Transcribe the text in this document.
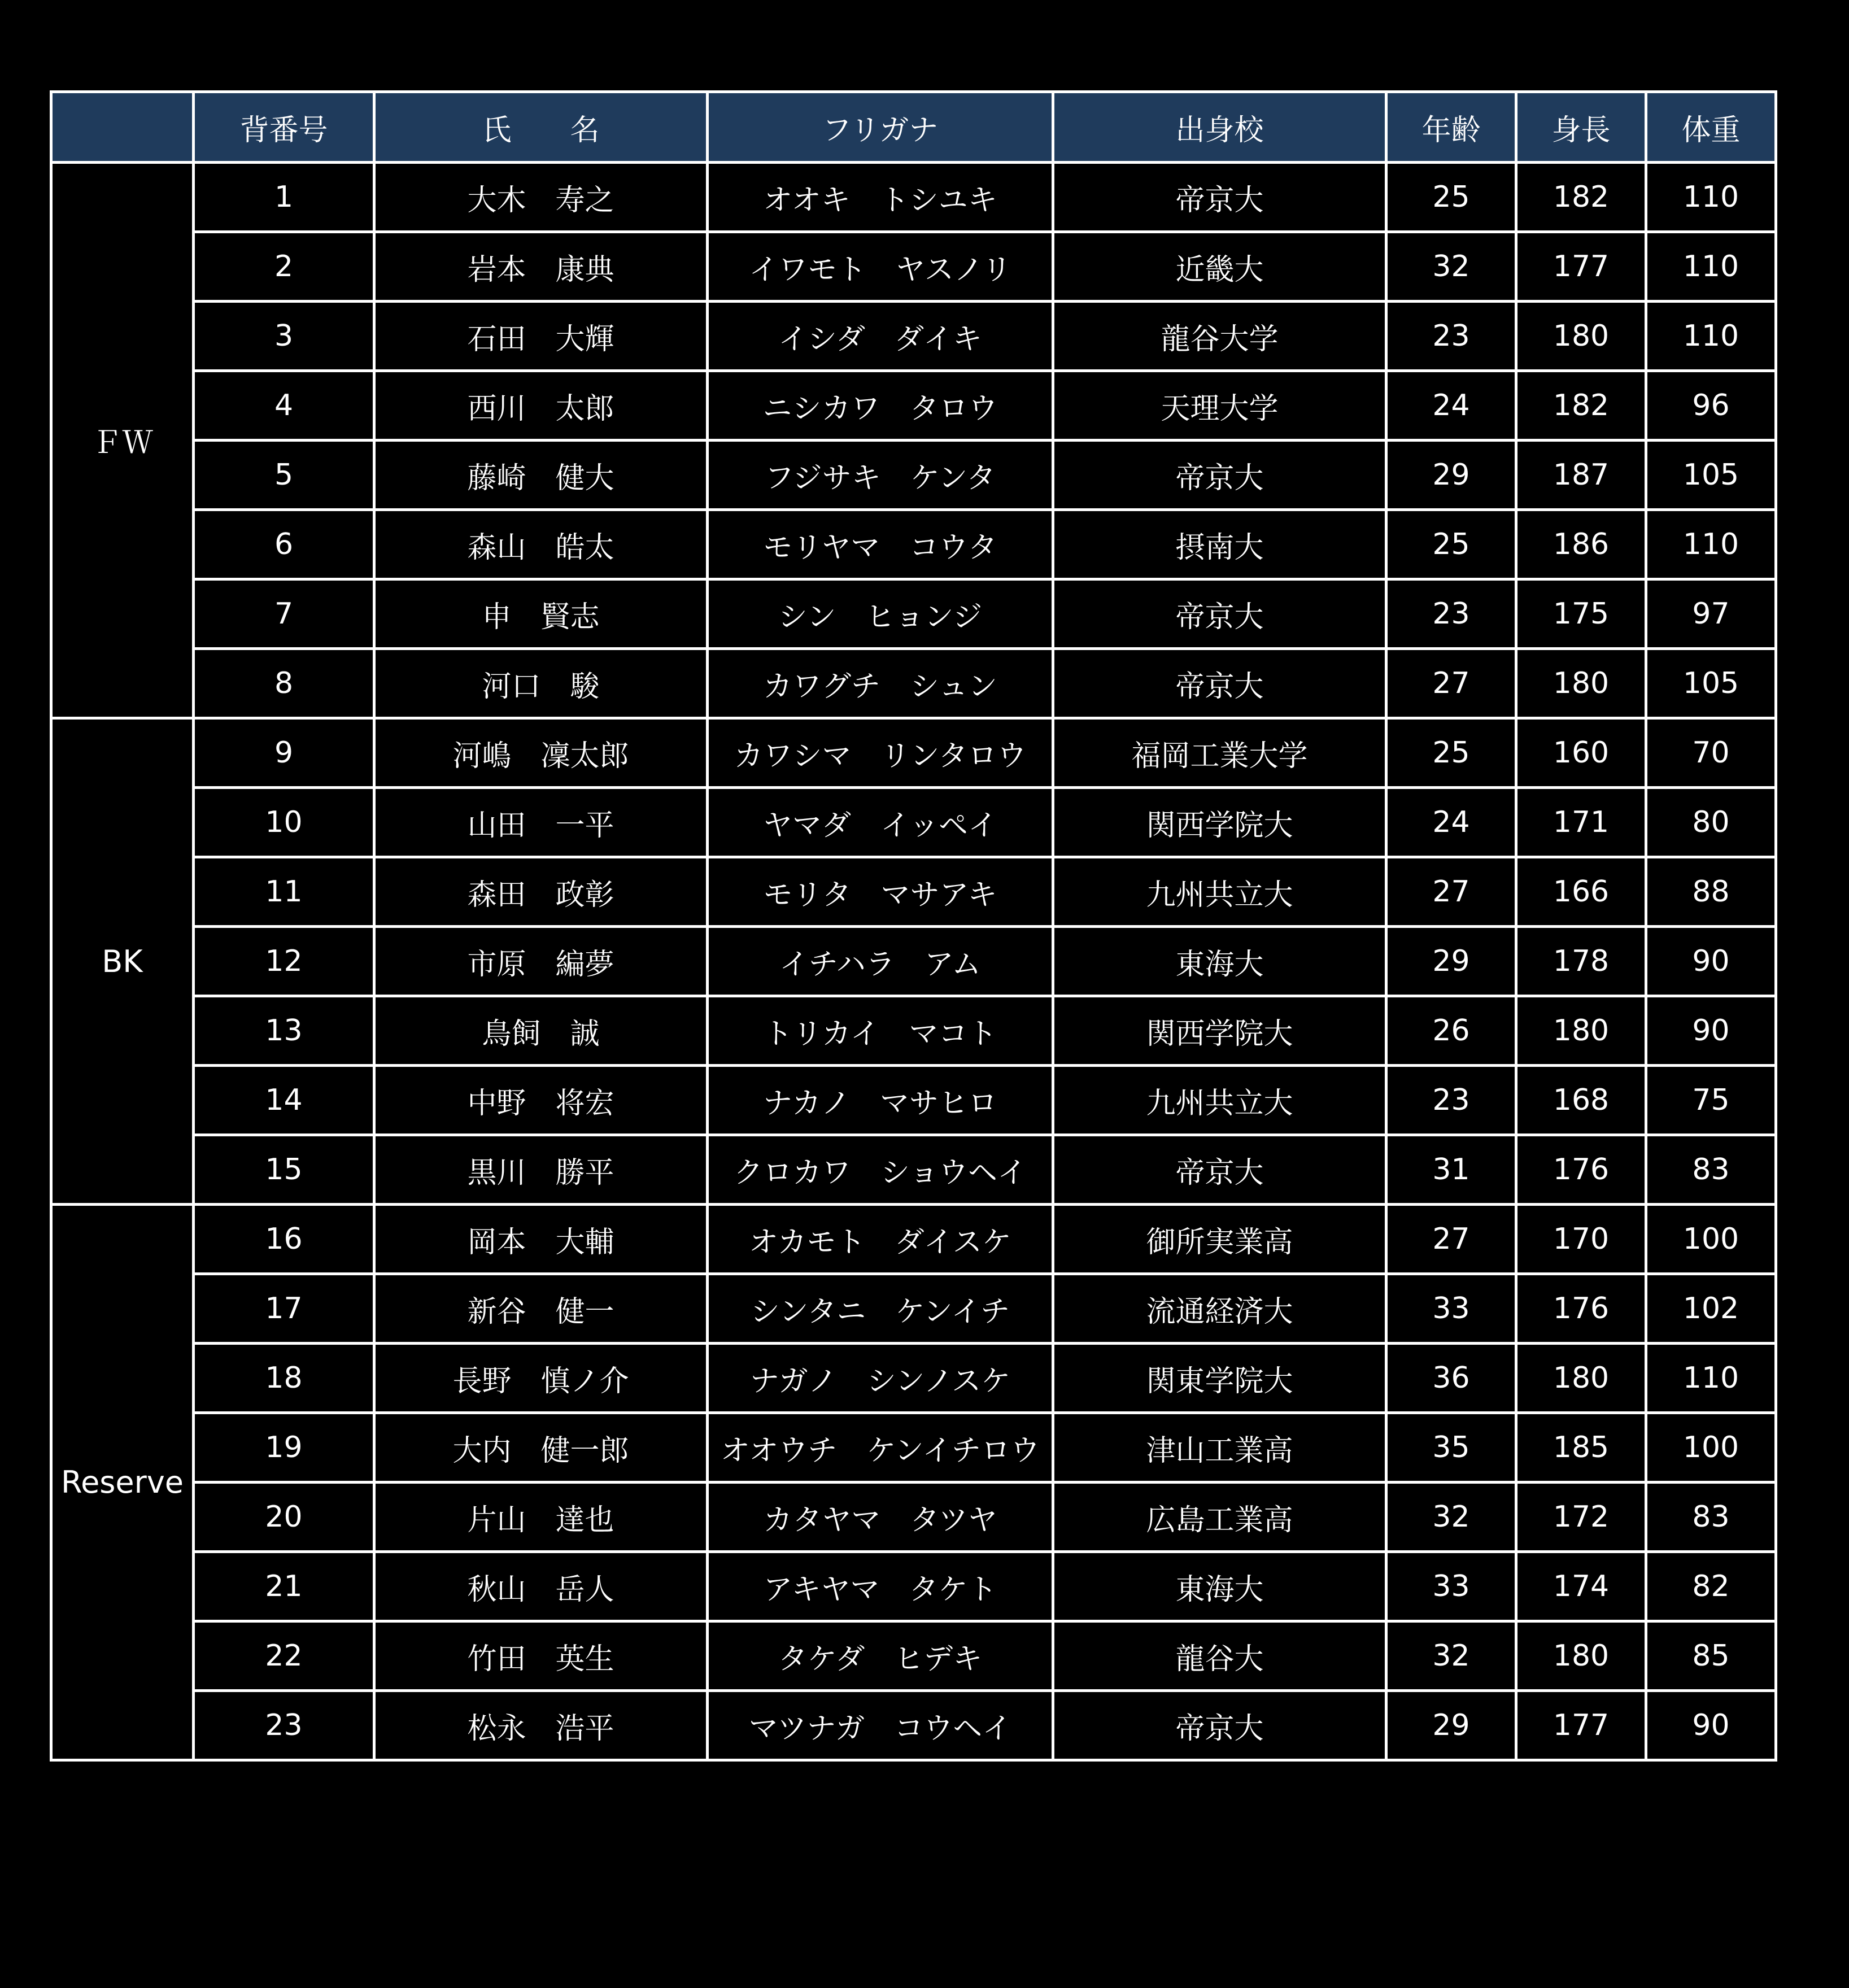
	背番号	氏　　名	フリガナ	出身校	年齢	身長	体重
ＦＷ	1	大木　寿之	オオキ　トシユキ	帝京大	25	182	110
	2	岩本　康典	イワモト　ヤスノリ	近畿大	32	177	110
	3	石田　大輝	イシダ　ダイキ	龍谷大学	23	180	110
	4	西川　太郎	ニシカワ　タロウ	天理大学	24	182	96
	5	藤崎　健大	フジサキ　ケンタ	帝京大	29	187	105
	6	森山　皓太	モリヤマ　コウタ	摂南大	25	186	110
	7	申　賢志	シン　ヒョンジ	帝京大	23	175	97
	8	河口　駿	カワグチ　シュン	帝京大	27	180	105
BK	9	河嶋　凜太郎	カワシマ　リンタロウ	福岡工業大学	25	160	70
	10	山田　一平	ヤマダ　イッペイ	関西学院大	24	171	80
	11	森田　政彰	モリタ　マサアキ	九州共立大	27	166	88
	12	市原　編夢	イチハラ　アム	東海大	29	178	90
	13	鳥飼　誠	トリカイ　マコト	関西学院大	26	180	90
	14	中野　将宏	ナカノ　マサヒロ	九州共立大	23	168	75
	15	黒川　勝平	クロカワ　ショウヘイ	帝京大	31	176	83
Reserve	16	岡本　大輔	オカモト　ダイスケ	御所実業高	27	170	100
	17	新谷　健一	シンタニ　ケンイチ	流通経済大	33	176	102
	18	長野　慎ノ介	ナガノ　シンノスケ	関東学院大	36	180	110
	19	大内　健一郎	オオウチ　ケンイチロウ	津山工業高	35	185	100
	20	片山　達也	カタヤマ　タツヤ	広島工業高	32	172	83
	21	秋山　岳人	アキヤマ　タケト	東海大	33	174	82
	22	竹田　英生	タケダ　ヒデキ	龍谷大	32	180	85
	23	松永　浩平	マツナガ　コウヘイ	帝京大	29	177	90
